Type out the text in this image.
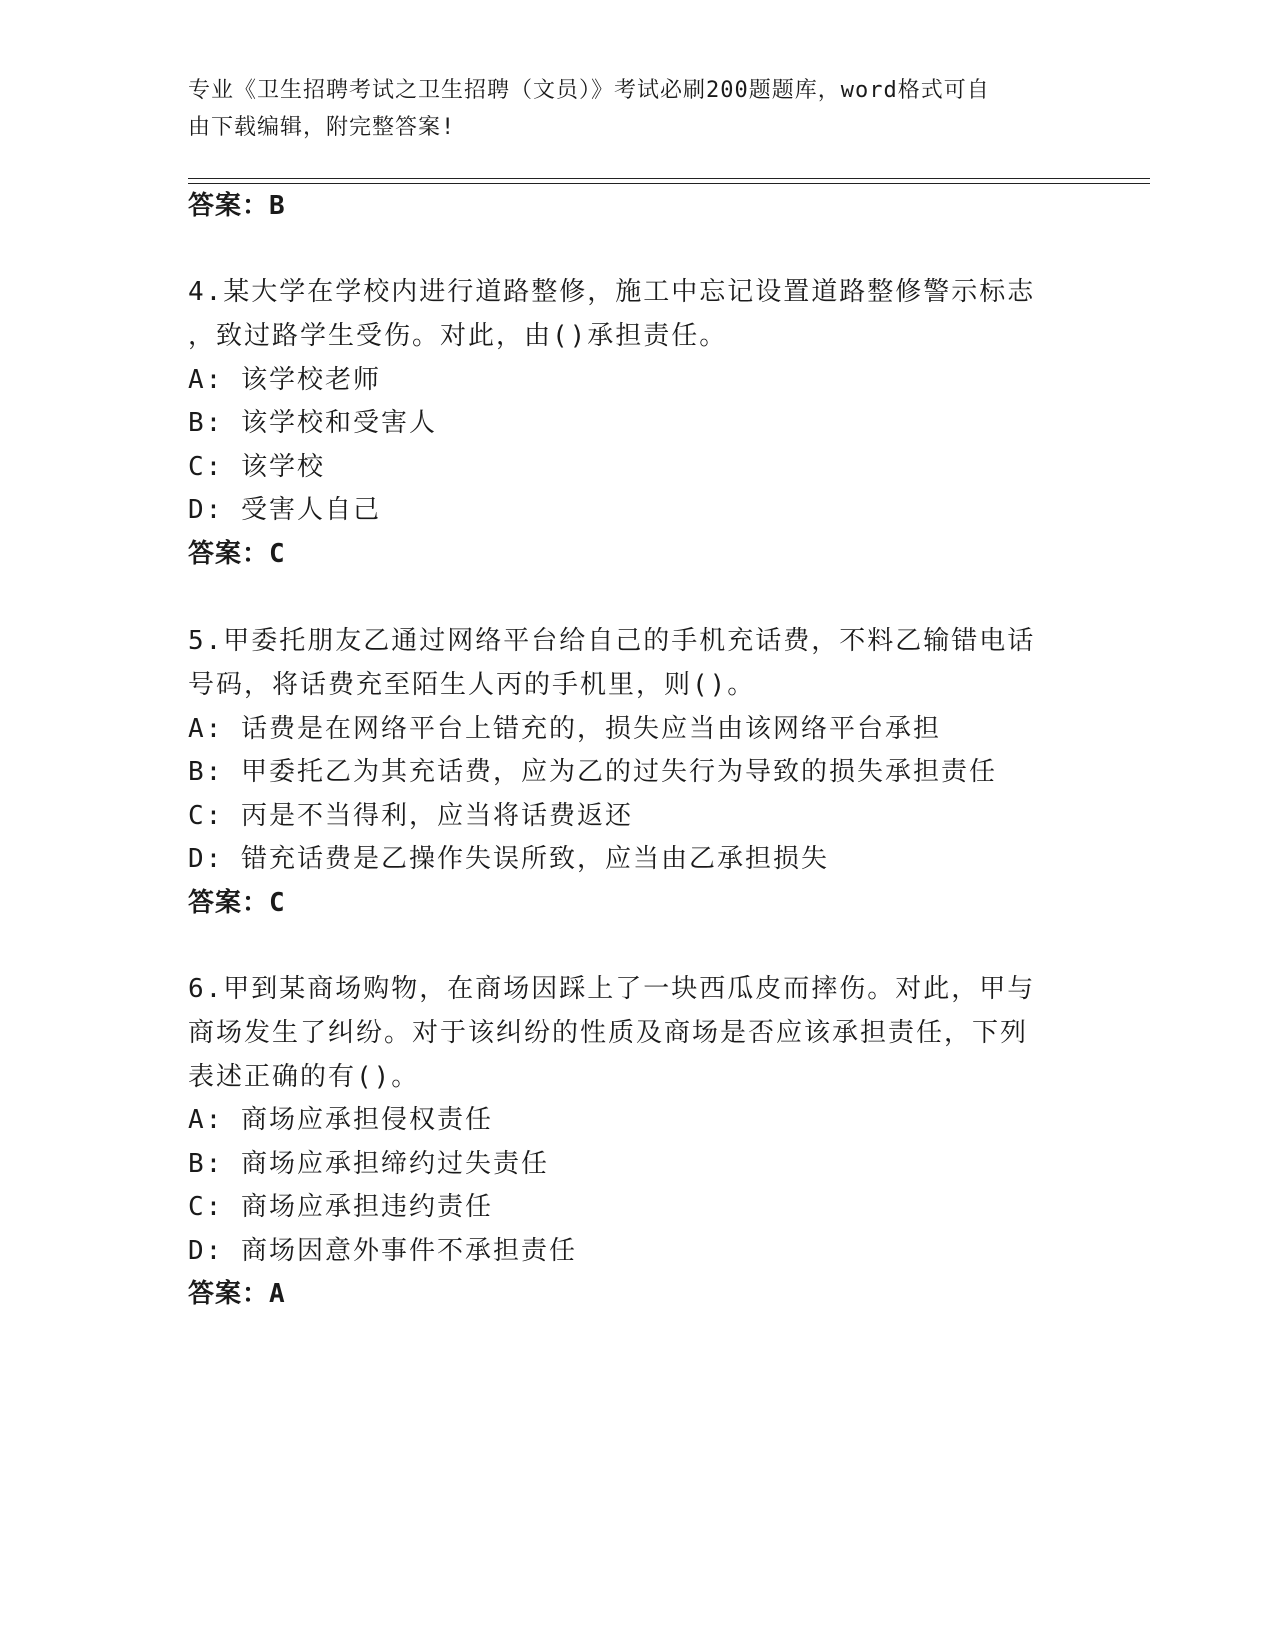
专业《卫生招聘考试之卫生招聘（文员）》考试必刷200题题库，word格式可自
由下载编辑，附完整答案!
答案：B
4.某大学在学校内进行道路整修，施工中忘记设置道路整修警示标志
，致过路学生受伤。对此，由()承担责任。
A: 该学校老师
B: 该学校和受害人
C: 该学校
D: 受害人自己
答案：C
5.甲委托朋友乙通过网络平台给自己的手机充话费，不料乙输错电话
号码，将话费充至陌生人丙的手机里，则()。
A: 话费是在网络平台上错充的，损失应当由该网络平台承担
B: 甲委托乙为其充话费，应为乙的过失行为导致的损失承担责任
C: 丙是不当得利，应当将话费返还
D: 错充话费是乙操作失误所致，应当由乙承担损失
答案：C
6.甲到某商场购物，在商场因踩上了一块西瓜皮而摔伤。对此，甲与
商场发生了纠纷。对于该纠纷的性质及商场是否应该承担责任，下列
表述正确的有()。
A: 商场应承担侵权责任
B: 商场应承担缔约过失责任
C: 商场应承担违约责任
D: 商场因意外事件不承担责任
答案：A
